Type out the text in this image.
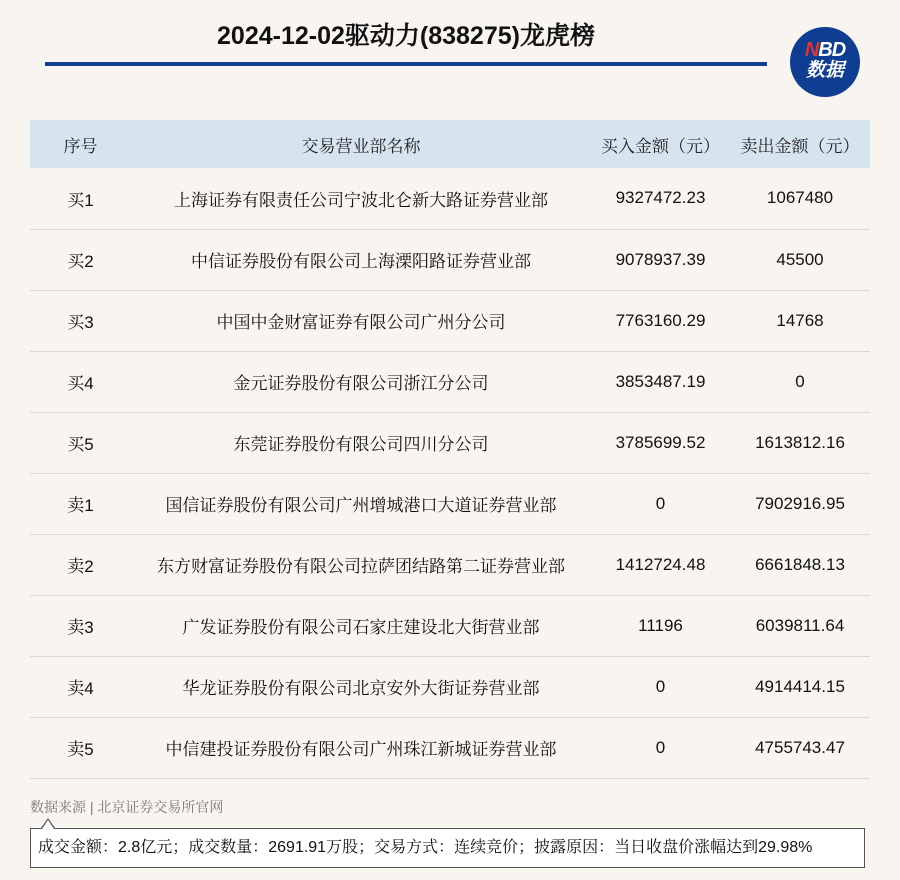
2024-12-02驱动力(838275)龙虎榜	NBD
数据
序号	交易营业部名称	买入金额（元）	卖出金额（元）
买1	上海证券有限责任公司宁波北仑新大路证券营业部	9327472.23	1067480
买2	中信证券股份有限公司上海溧阳路证券营业部	9078937.39	45500
买3	中国中金财富证券有限公司广州分公司	7763160.29	14768
买4	金元证券股份有限公司浙江分公司	3853487.19	0
买5	东莞证券股份有限公司四川分公司	3785699.52	1613812.16
卖1	国信证券股份有限公司广州增城港口大道证券营业部	0	7902916.95
卖2	东方财富证券股份有限公司拉萨团结路第二证券营业部	1412724.48	6661848.13
卖3	广发证券股份有限公司石家庄建设北大街营业部	11196	6039811.64
卖4	华龙证券股份有限公司北京安外大街证券营业部	0	4914414.15
卖5	中信建投证券股份有限公司广州珠江新城证券营业部	0	4755743.47
数据来源 | 北京证券交易所官网
成交金额：2.8亿元；成交数量：2691.91万股；交易方式：连续竞价；披露原因：当日收盘价涨幅达到29.98%
